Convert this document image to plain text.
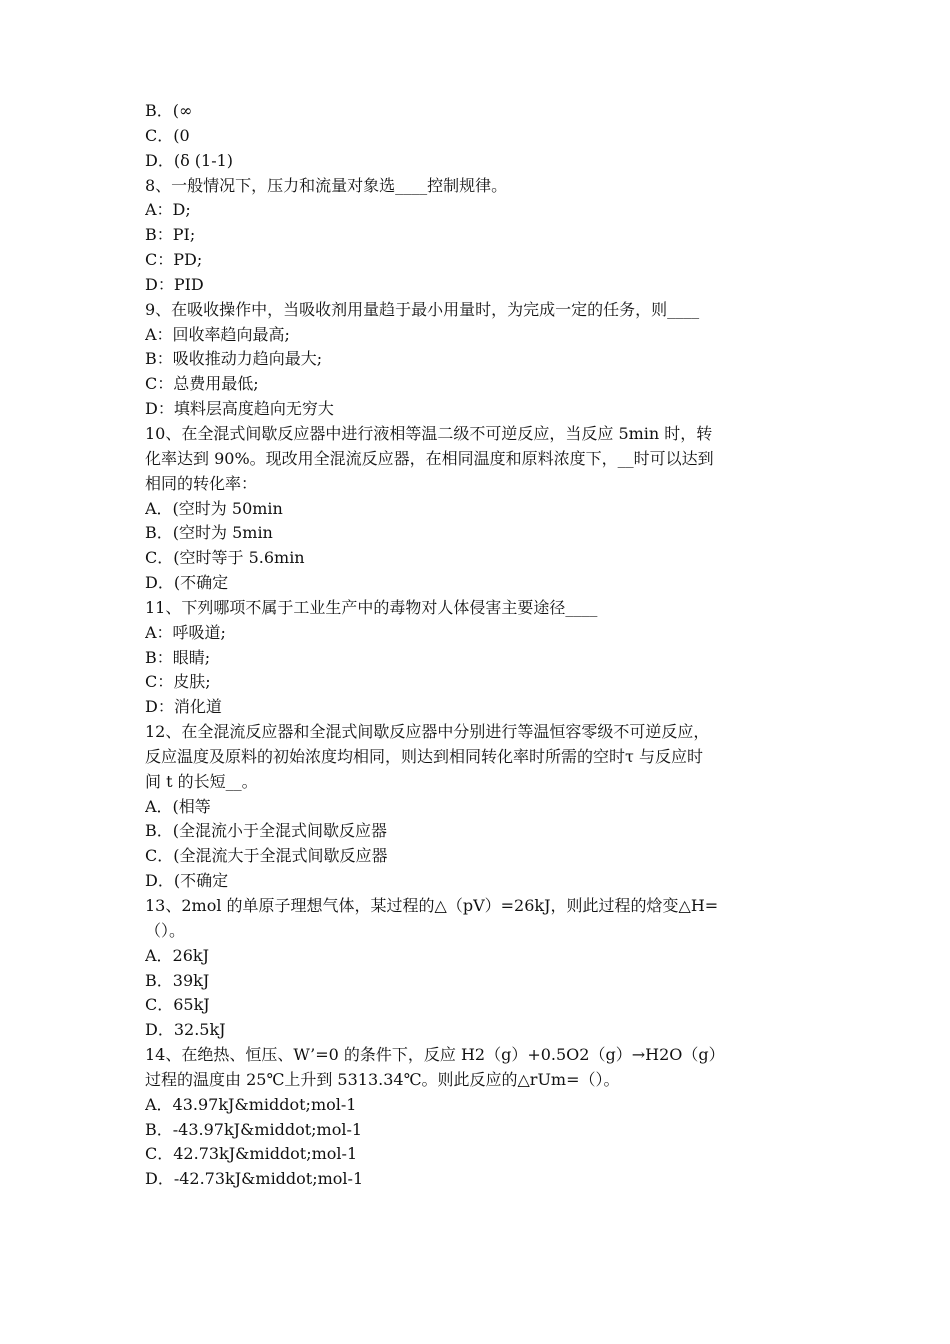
B．(∞
C．(0
D．(δ (1-1)
8、一般情况下，压力和流量对象选____控制规律。
A：D;
B：PI;
C：PD;
D：PID
9、在吸收操作中，当吸收剂用量趋于最小用量时，为完成一定的任务，则____
A：回收率趋向最高;
B：吸收推动力趋向最大;
C：总费用最低;
D：填料层高度趋向无穷大
10、在全混式间歇反应器中进行液相等温二级不可逆反应，当反应 5min 时，转
化率达到 90%。现改用全混流反应器，在相同温度和原料浓度下，__时可以达到
相同的转化率：
A．(空时为 50min
B．(空时为 5min
C．(空时等于 5.6min
D．(不确定
11、下列哪项不属于工业生产中的毒物对人体侵害主要途径____
A：呼吸道;
B：眼睛;
C：皮肤;
D：消化道
12、在全混流反应器和全混式间歇反应器中分别进行等温恒容零级不可逆反应，
反应温度及原料的初始浓度均相同，则达到相同转化率时所需的空时τ 与反应时
间 t 的长短__。
A．(相等
B．(全混流小于全混式间歇反应器
C．(全混流大于全混式间歇反应器
D．(不确定
13、2mol 的单原子理想气体，某过程的△（pV）=26kJ，则此过程的焓变△H=
（）。
A．26kJ
B．39kJ
C．65kJ
D．32.5kJ
14、在绝热、恒压、W’=0 的条件下，反应 H2（g）+0.5O2（g）→H2O（g）
过程的温度由 25℃上升到 5313.34℃。则此反应的△rUm=（）。
A．43.97kJ&middot;mol-1
B．-43.97kJ&middot;mol-1
C．42.73kJ&middot;mol-1
D．-42.73kJ&middot;mol-1
